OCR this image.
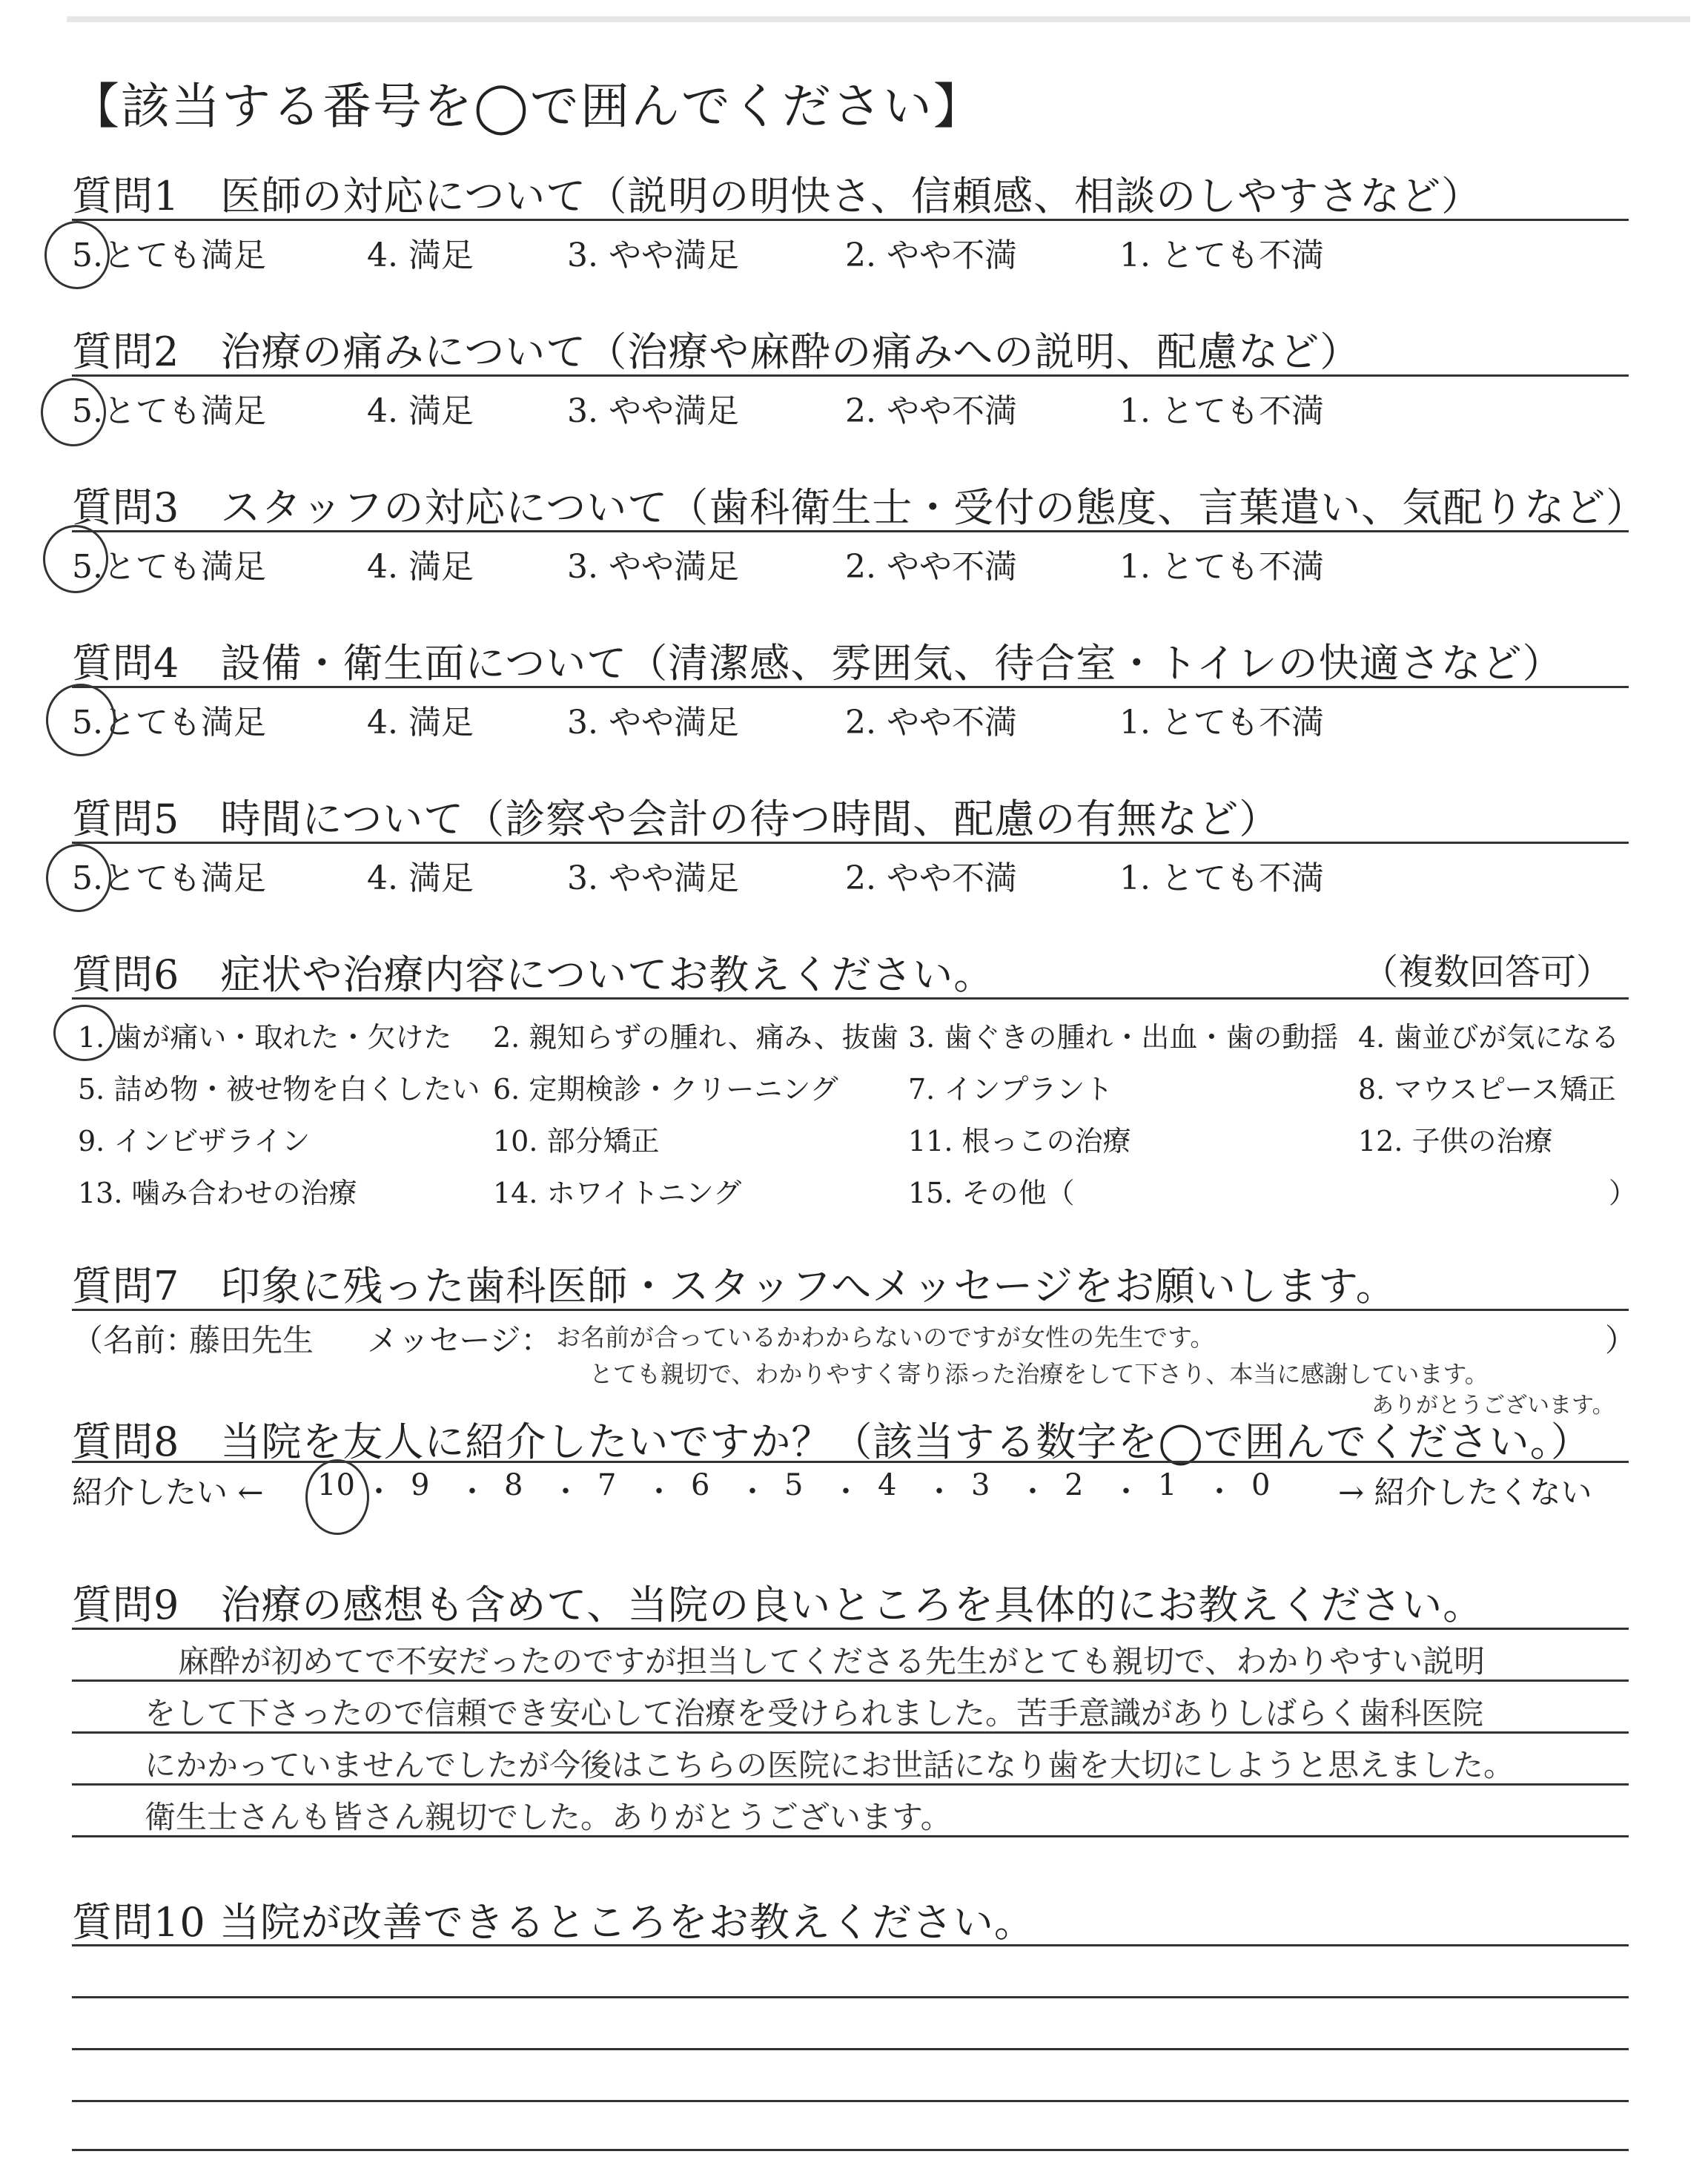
【該当する番号を◯で囲んでください】
質問1　医師の対応について（説明の明快さ、信頼感、相談のしやすさなど）
5.とても満足	4. 満足	3. やや満足	2. やや不満	1. とても不満
質問2　治療の痛みについて（治療や麻酔の痛みへの説明、配慮など）
5.とても満足	4. 満足	3. やや満足	2. やや不満	1. とても不満
質問3　スタッフの対応について（歯科衛生士・受付の態度、言葉遣い、気配りなど）
5.とても満足	4. 満足	3. やや満足	2. やや不満	1. とても不満
質問4　設備・衛生面について（清潔感、雰囲気、待合室・トイレの快適さなど）
5.とても満足	4. 満足	3. やや満足	2. やや不満	1. とても不満
質問5　時間について（診察や会計の待つ時間、配慮の有無など）
5.とても満足	4. 満足	3. やや満足	2. やや不満	1. とても不満
質問6　症状や治療内容についてお教えください。	（複数回答可）
1. 歯が痛い・取れた・欠けた 2. 親知らずの腫れ、痛み、抜歯 3. 歯ぐきの腫れ・出血・歯の動揺 4. 歯並びが気になる
5. 詰め物・被せ物を白くしたい 6. 定期検診・クリーニング 7. インプラント	8. マウスピース矯正
9. インビザライン	10. 部分矯正	11. 根っこの治療	12. 子供の治療
13. 噛み合わせの治療	14. ホワイトニング	15. その他（	）
質問7　印象に残った歯科医師・スタッフへメッセージをお願いします。
（名前：
藤田先生 メッセージ： お名前が合っているかわからないのですが女性の先生です。
とても親切で、わかりやすく寄り添った治療をして下さり、本当に感謝しています。
ありがとうございます。
）
質問8　当院を友人に紹介したいですか？（該当する数字を◯で囲んでください。）
紹介したい ←	→ 紹介したくない
10 ・ 9 ・ 8 ・ 7 ・ 6 ・ 5 ・ 4 ・ 3 ・ 2 ・ 1 ・ 0
質問9　治療の感想も含めて、当院の良いところを具体的にお教えください。
麻酔が初めてで不安だったのですが担当してくださる先生がとても親切で、わかりやすい説明
をして下さったので信頼でき安心して治療を受けられました。苦手意識がありしばらく歯科医院
にかかっていませんでしたが今後はこちらの医院にお世話になり歯を大切にしようと思えました。
衛生士さんも皆さん親切でした。ありがとうございます。
質問10 当院が改善できるところをお教えください。
